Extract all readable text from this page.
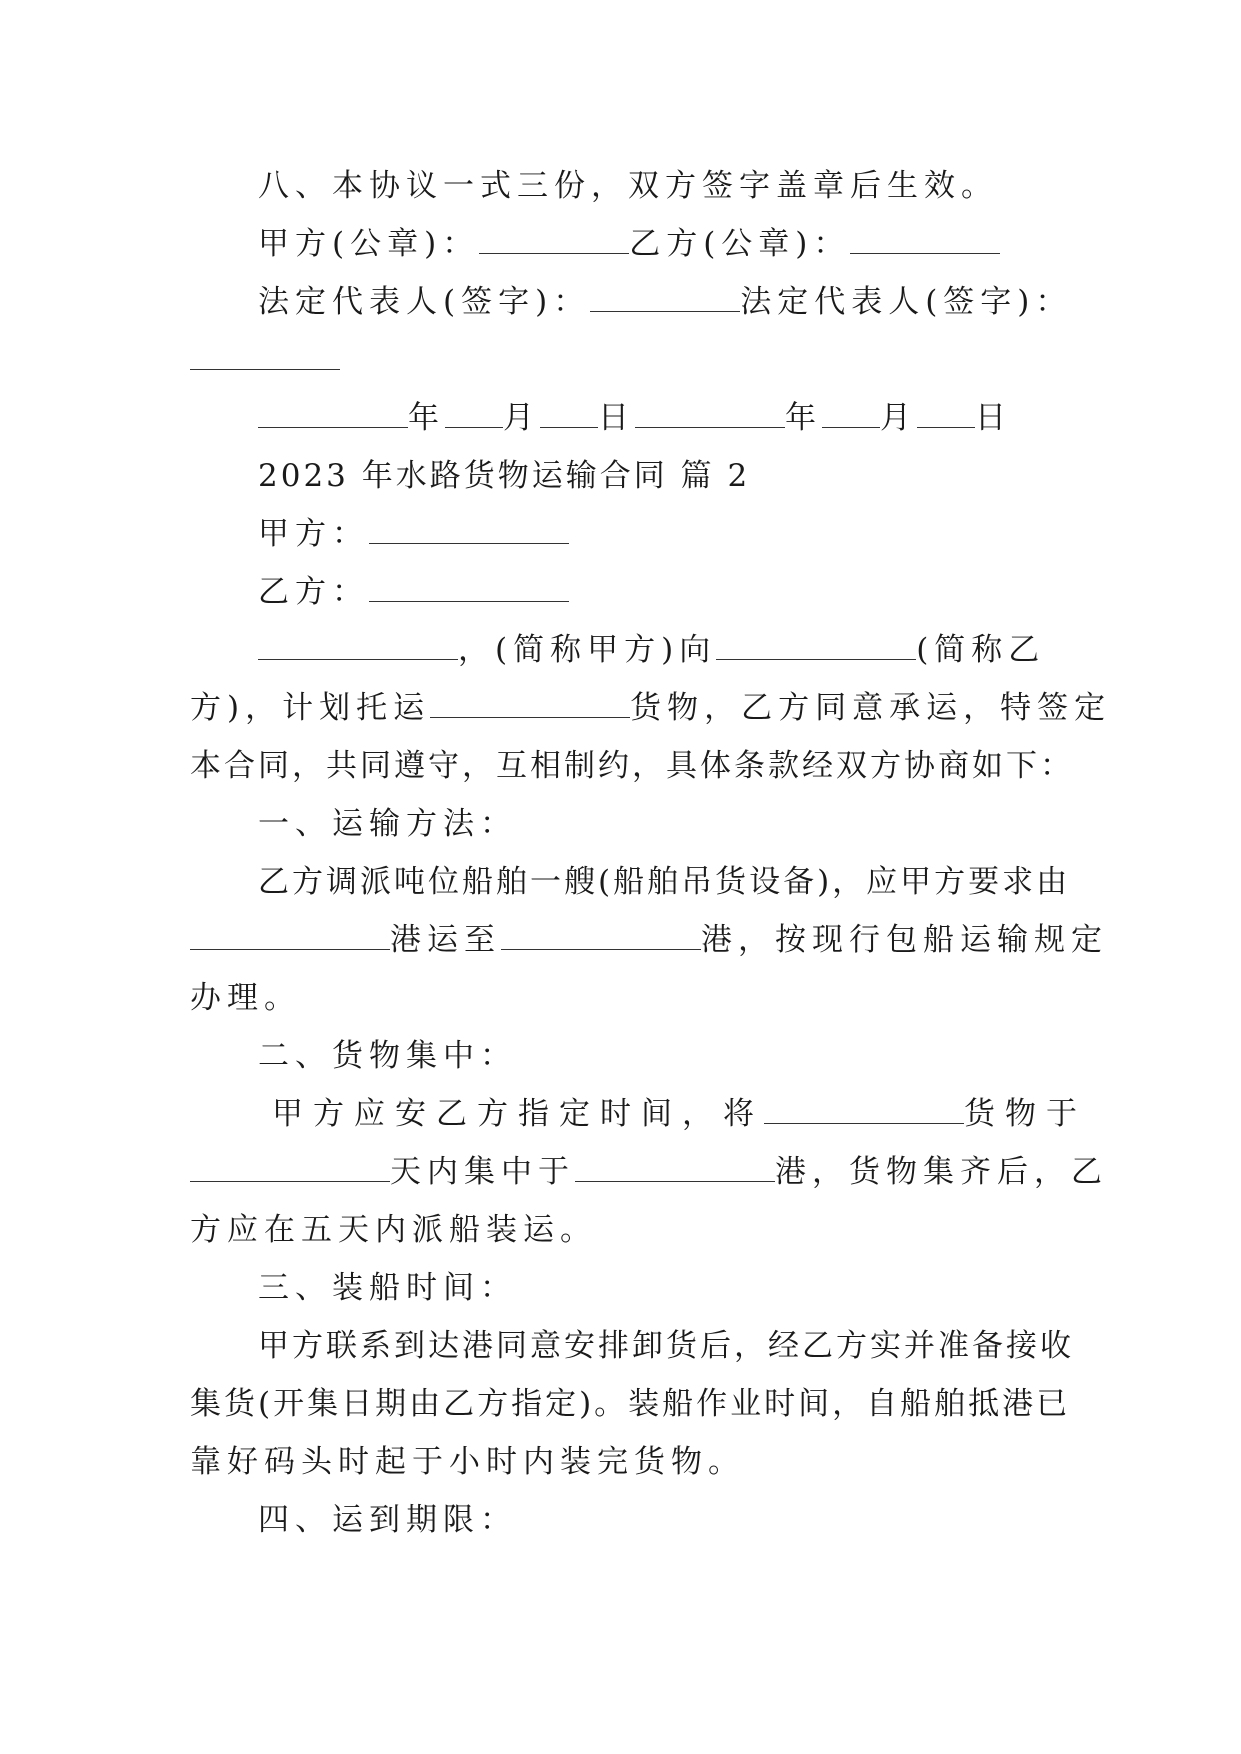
八、本协议一式三份，双方签字盖章后生效。
甲方(公章)：	乙方(公章)：
法定代表人(签字)：	法定代表人(签字)：
年 月 日	年 月 日
2023 年水路货物运输合同 篇 2
甲方：
乙方：
，(简称甲方)向	(简称乙
方)，计划托运	货物，乙方同意承运，特签定
本合同，共同遵守，互相制约，具体条款经双方协商如下：
一、运输方法：
乙方调派吨位船舶一艘(船舶吊货设备)，应甲方要求由
港运至	港，按现行包船运输规定
办理。
二、货物集中：
甲方应安乙方指定时间，将	货物于
天内集中于	港，货物集齐后，乙
方应在五天内派船装运。
三、装船时间：
甲方联系到达港同意安排卸货后，经乙方实并准备接收
集货(开集日期由乙方指定)。装船作业时间，自船舶抵港已
靠好码头时起于小时内装完货物。
四、运到期限：
